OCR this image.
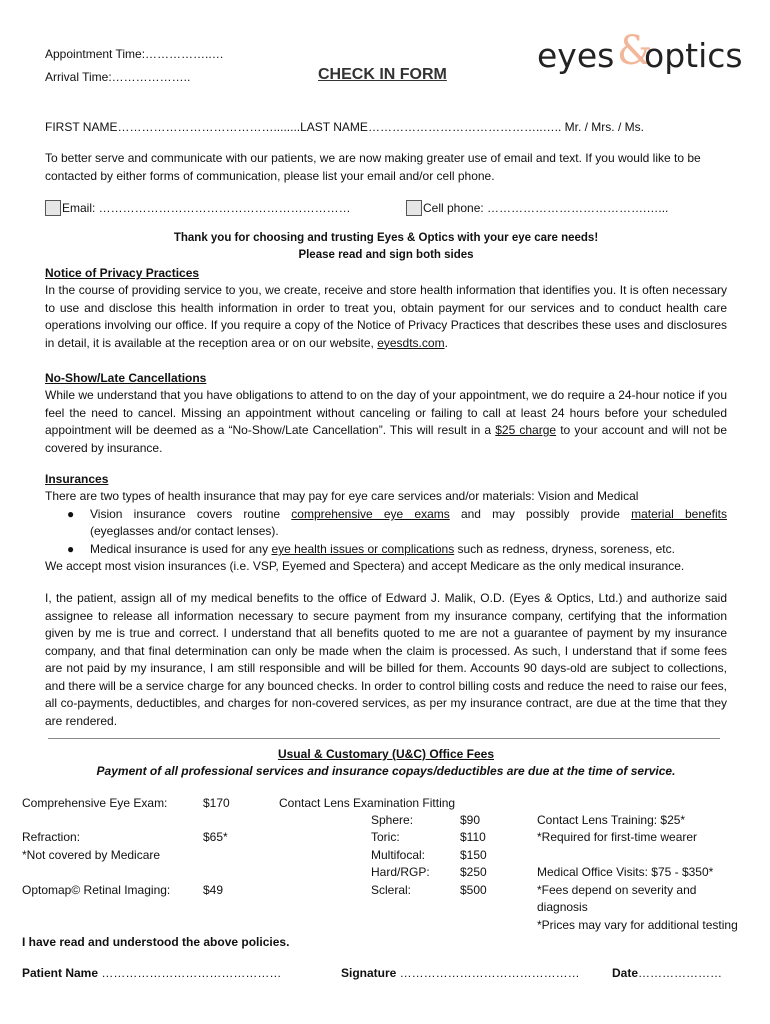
Appointment Time:……………..…
Arrival Time:………………..	CHECK IN FORM	eyes &
optics
FIRST NAME…………………………………........LAST NAME……………………………………..….. Mr. / Mrs. / Ms.
To better serve and communicate with our patients, we are now making greater use of email and text. If you would like to be contacted by either forms of communication, please list your email and/or cell phone.
Email: ………………………………………………………	Cell phone: ………………………………….…...
Thank you for choosing and trusting Eyes & Optics with your eye care needs!
Please read and sign both sides
Notice of Privacy Practices
In the course of providing service to you, we create, receive and store health information that identifies you. It is often necessary to use and disclose this health information in order to treat you, obtain payment for our services and to conduct health care operations involving our office. If you require a copy of the Notice of Privacy Practices that describes these uses and disclosures in detail, it is available at the reception area or on our website, eyesdts.com.
No-Show/Late Cancellations
While we understand that you have obligations to attend to on the day of your appointment, we do require a 24-hour notice if you feel the need to cancel. Missing an appointment without canceling or failing to call at least 24 hours before your scheduled appointment will be deemed as a “No-Show/Late Cancellation”. This will result in a $25 charge to your account and will not be covered by insurance.
Insurances
There are two types of health insurance that may pay for eye care services and/or materials: Vision and Medical
● Vision insurance covers routine comprehensive eye exams and may possibly provide material benefits
(eyeglasses and/or contact lenses).
● Medical insurance is used for any eye health issues or complications such as redness, dryness, soreness, etc.
We accept most vision insurances (i.e. VSP, Eyemed and Spectera) and accept Medicare as the only medical insurance.
I, the patient, assign all of my medical benefits to the office of Edward J. Malik, O.D. (Eyes & Optics, Ltd.) and authorize said assignee to release all information necessary to secure payment from my insurance company, certifying that the information given by me is true and correct. I understand that all benefits quoted to me are not a guarantee of payment by my insurance company, and that final determination can only be made when the claim is processed. As such, I understand that if some fees are not paid by my insurance, I am still responsible and will be billed for them. Accounts 90 days-old are subject to collections, and there will be a service charge for any bounced checks. In order to control billing costs and reduce the need to raise our fees, all co-payments, deductibles, and charges for non-covered services, as per my insurance contract, are due at the time that they are rendered.
Usual & Customary (U&C) Office Fees
Payment of all professional services and insurance copays/deductibles are due at the time of service.
Comprehensive Eye Exam:	$170
Refraction:	$65*
*Not covered by Medicare
Optomap© Retinal Imaging:	$49
Contact Lens Examination Fitting
Sphere:	$90
Toric:	$110
Multifocal:	$150
Hard/RGP:	$250
Scleral:	$500
Contact Lens Training: $25*
*Required for first-time wearer
Medical Office Visits: $75 - $350*
*Fees depend on severity and
diagnosis
*Prices may vary for additional testing
I have read and understood the above policies.
Patient Name ………………………………………	Signature ………………………………………	Date…………………
